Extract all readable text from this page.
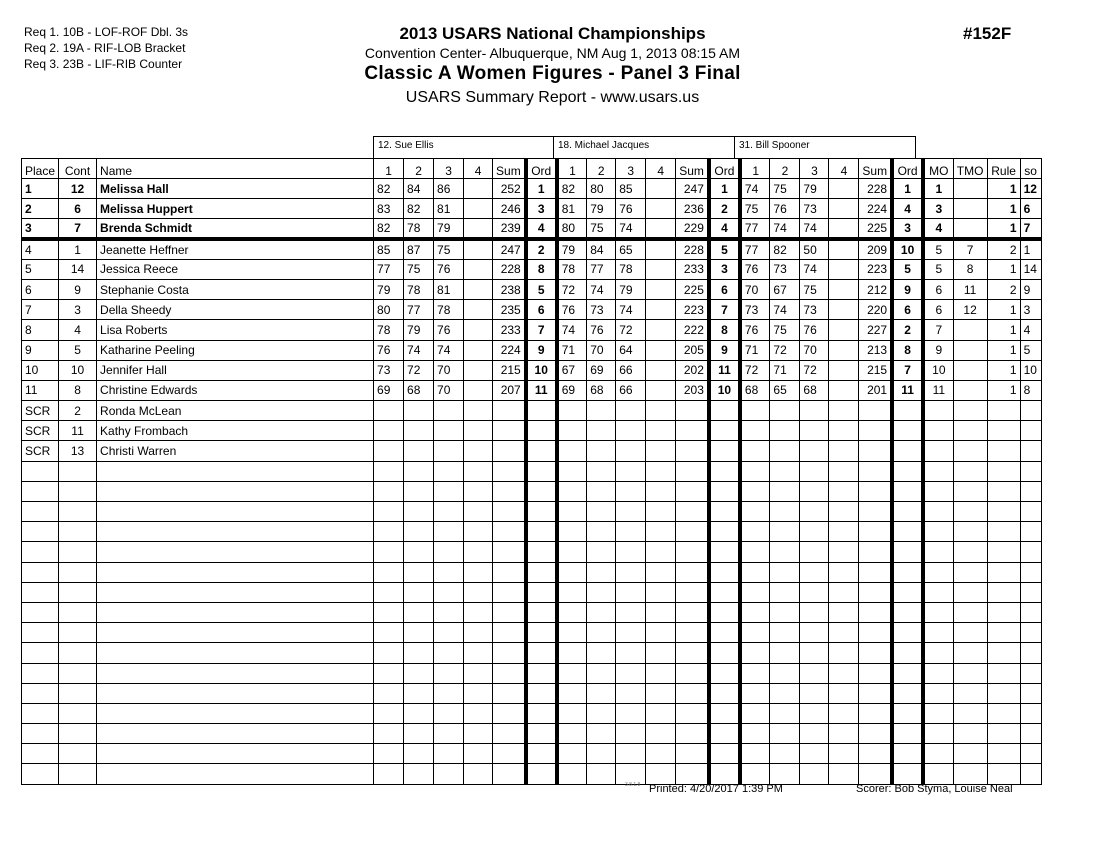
Req 1. 10B - LOF-ROF Dbl. 3s
Req 2. 19A - RIF-LOB Bracket
Req 3. 23B - LIF-RIB Counter
2013 USARS National Championships
Convention Center- Albuquerque, NM Aug 1, 2013 08:15 AM
Classic A Women Figures - Panel 3 Final
USARS Summary Report - www.usars.us
#152F
12. Sue Ellis	18. Michael Jacques	31. Bill Spooner
Place	Cont	Name	1	2	3	4	Sum	Ord	1	2	3	4	Sum	Ord	1	2	3	4	Sum	Ord	MO	TMO	Rule	so
1	12	Melissa Hall	82	84	86		252	1	82	80	85		247	1	74	75	79		228	1	1		1	12
2	6	Melissa Huppert	83	82	81		246	3	81	79	76		236	2	75	76	73		224	4	3		1	6
3	7	Brenda Schmidt	82	78	79		239	4	80	75	74		229	4	77	74	74		225	3	4		1	7
4	1	Jeanette Heffner	85	87	75		247	2	79	84	65		228	5	77	82	50		209	10	5	7	2	1
5	14	Jessica Reece	77	75	76		228	8	78	77	78		233	3	76	73	74		223	5	5	8	1	14
6	9	Stephanie Costa	79	78	81		238	5	72	74	79		225	6	70	67	75		212	9	6	11	2	9
7	3	Della Sheedy	80	77	78		235	6	76	73	74		223	7	73	74	73		220	6	6	12	1	3
8	4	Lisa Roberts	78	79	76		233	7	74	76	72		222	8	76	75	76		227	2	7		1	4
9	5	Katharine Peeling	76	74	74		224	9	71	70	64		205	9	71	72	70		213	8	9		1	5
10	10	Jennifer Hall	73	72	70		215	10	67	69	66		202	11	72	71	72		215	7	10		1	10
11	8	Christine Edwards	69	68	70		207	11	69	68	66		203	10	68	65	68		201	11	11		1	8
SCR	2	Ronda McLean																						
SCR	11	Kathy Frombach																						
SCR	13	Christi Warren																						

3.8.1.8 Printed: 4/20/2017 1:39 PM	Scorer: Bob Styma, Louise Neal
